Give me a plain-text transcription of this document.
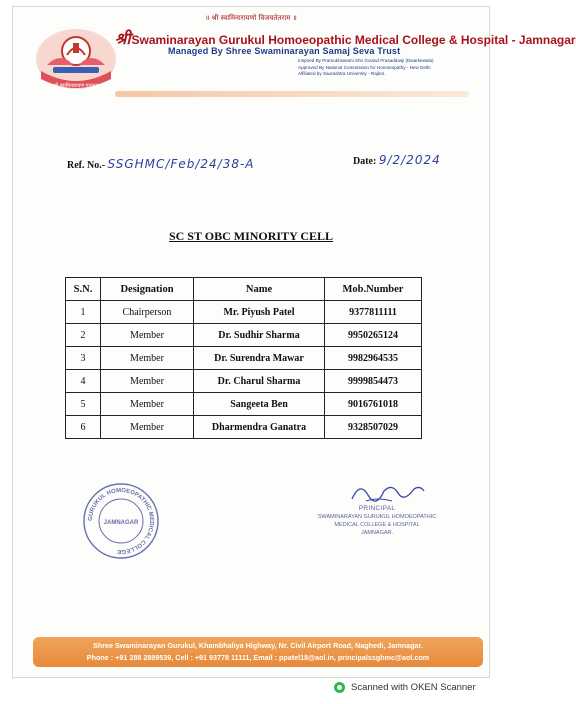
श्री स्वामिनारायण गुरुकुल
॥ श्री स्वामिनारायणो विजयतेतराम ॥
श्रीSwaminarayan Gurukul Homoeopathic Medical College & Hospital - Jamnagar
Managed By Shree Swaminarayan Samaj Seva Trust
Inspired By Pramukhswami Shri Govind Prasaddasji (Dwarkewala)
Approved By National Commission for Homoeopathy - New Delhi
Affiliated by Saurashtra University - Rajkot.
Ref. No.- SSGHMC/Feb/24/38-A	Date: 9/2/2024
SC ST OBC MINORITY CELL
S.N.	Designation	Name	Mob.Number
1	Chairperson	Mr. Piyush Patel	9377811111
2	Member	Dr. Sudhir Sharma	9950265124
3	Member	Dr. Surendra Mawar	9982964535
4	Member	Dr. Charul Sharma	9999854473
5	Member	Sangeeta Ben	9016761018
6	Member	Dharmendra Ganatra	9328507029
GURUKUL HOMOEOPATHIC MEDICAL COLLEGE
JAMNAGAR
PRINCIPAL
SWAMINARAYAN GURUKUL HOMOEOPATHIC
MEDICAL COLLEGE & HOSPITAL
JAMNAGAR.
Shree Swaminarayan Gurukul, Khambhaliya Highway, Nr. Civil Airport Road, Naghedi, Jamnagar.
Phone : +91 288 2889539, Cell : +91 93778 11111, Email : ppatel18@aol.in, principalssghmc@aol.com
Scanned with OKEN Scanner
